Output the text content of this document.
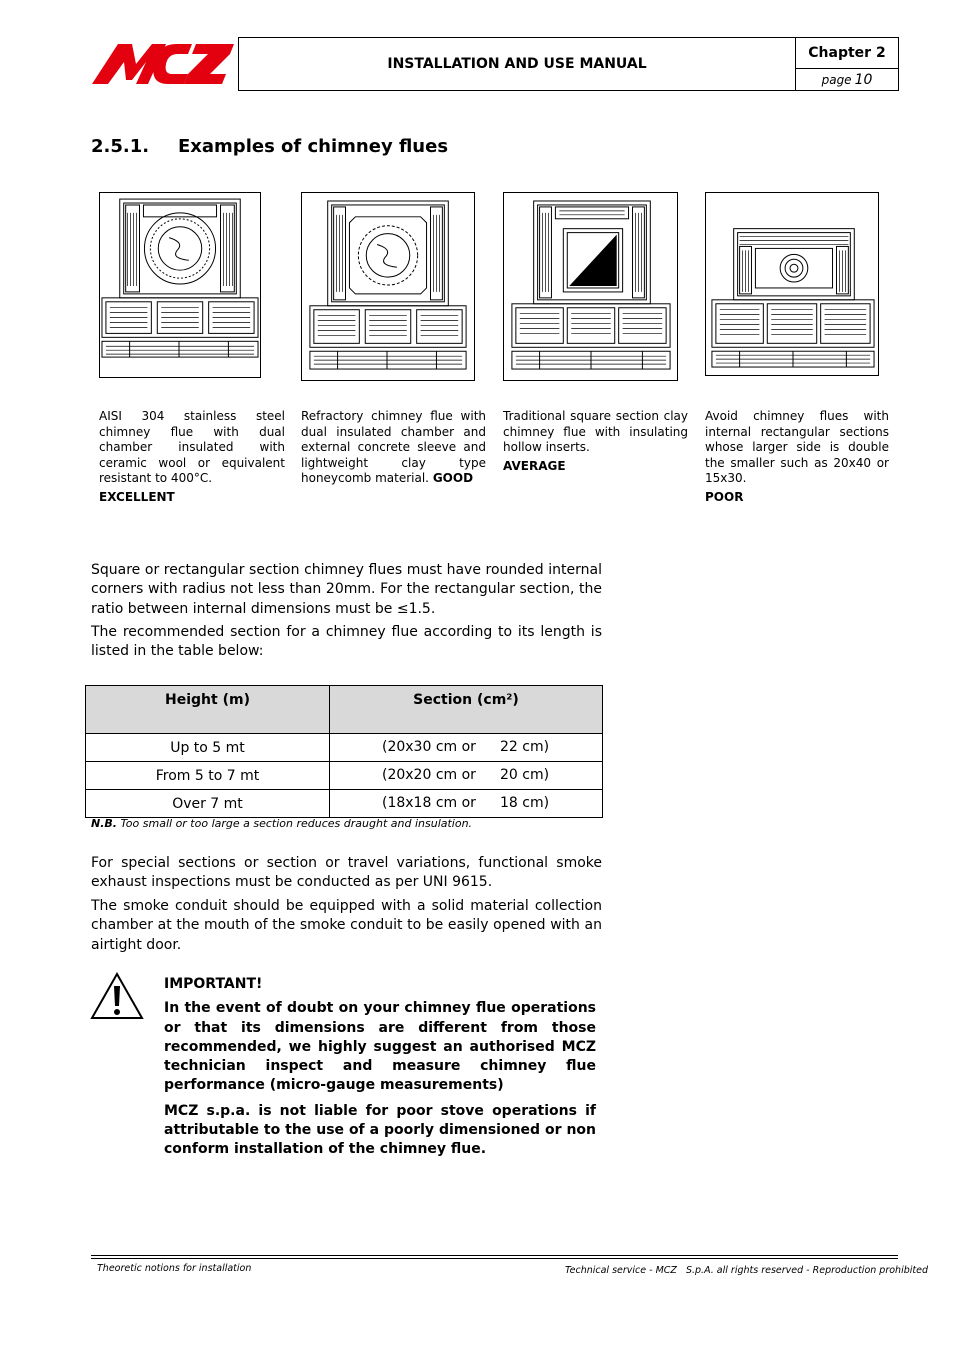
INSTALLATION AND USE MANUAL
Chapter 2
page 10
2.5.1. Examples of chimney flues
AISI 304 stainless steel chimney flue with dual chamber insulated with ceramic wool or equivalent resistant to 400°C.
EXCELLENT
Refractory chimney flue with dual insulated chamber and external concrete sleeve and lightweight clay type honeycomb material. GOOD
Traditional square section clay chimney flue with insulating hollow inserts.
AVERAGE
Avoid chimney flues with internal rectangular sections whose larger side is double the smaller such as 20x40 or 15x30.
POOR
Square or rectangular section chimney flues must have rounded internal corners with radius not less than 20mm. For the rectangular section, the ratio between internal dimensions must be ≤1.5.
The recommended section for a chimney flue according to its length is listed in the table below:
Height (m)	Section (cm²)
Up to 5 mt	(20x30 cm or 22 cm)

From 5 to 7 mt	(20x20 cm or 20 cm)

Over 7 mt	(18x18 cm or 18 cm)
N.B. Too small or too large a section reduces draught and insulation.
For special sections or section or travel variations, functional smoke exhaust inspections must be conducted as per UNI 9615.
The smoke conduit should be equipped with a solid material collection chamber at the mouth of the smoke conduit to be easily opened with an airtight door.

IMPORTANT!

In the event of doubt on your chimney flue operations or that its dimensions are different from those recommended, we highly suggest an authorised MCZ technician inspect and measure chimney flue performance (micro-gauge measurements)

MCZ s.p.a. is not liable for poor stove operations if attributable to the use of a poorly dimensioned or non conform installation of the chimney flue.

Theoretic notions for installation	Technical service - MCZ   S.p.A. all rights reserved - Reproduction prohibited
